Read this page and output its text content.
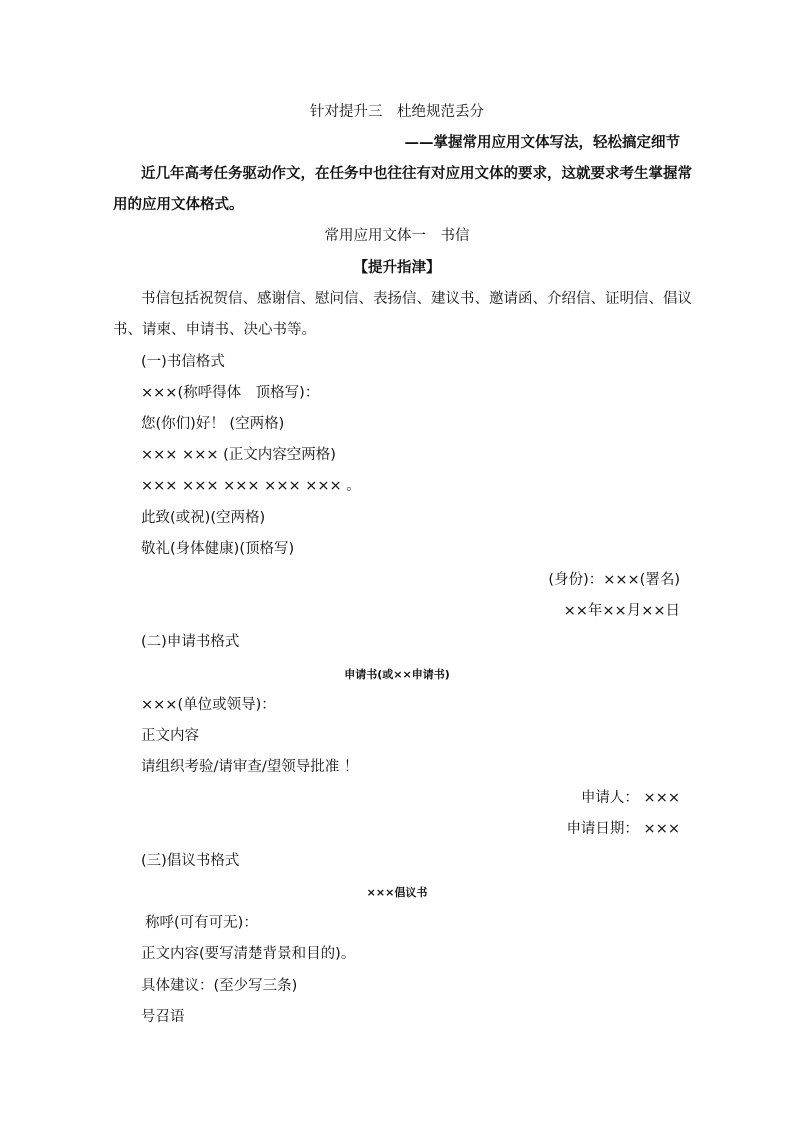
针对提升三　杜绝规范丢分
——掌握常用应用文体写法，轻松搞定细节
近几年高考任务驱动作文，在任务中也往往有对应用文体的要求，这就要求考生掌握常
用的应用文体格式。
常用应用文体一　书信
【提升指津】
书信包括祝贺信、感谢信、慰问信、表扬信、建议书、邀请函、介绍信、证明信、倡议
书、请柬、申请书、决心书等。
(一)书信格式
×××(称呼得体　顶格写)：
您(你们)好！ (空两格)
××× ××× (正文内容空两格)
××× ××× ××× ××× ××× 。
此致(或祝)(空两格)
敬礼(身体健康)(顶格写)
(身份)：×××(署名)
××年××月××日
(二)申请书格式
申请书(或××申请书)
×××(单位或领导)：
正文内容
请组织考验/请审查/望领导批准 ！
申请人： ×××
申请日期： ×××
(三)倡议书格式
×××倡议书
称呼(可有可无)：
正文内容(要写清楚背景和目的)。
具体建议：(至少写三条)
号召语
